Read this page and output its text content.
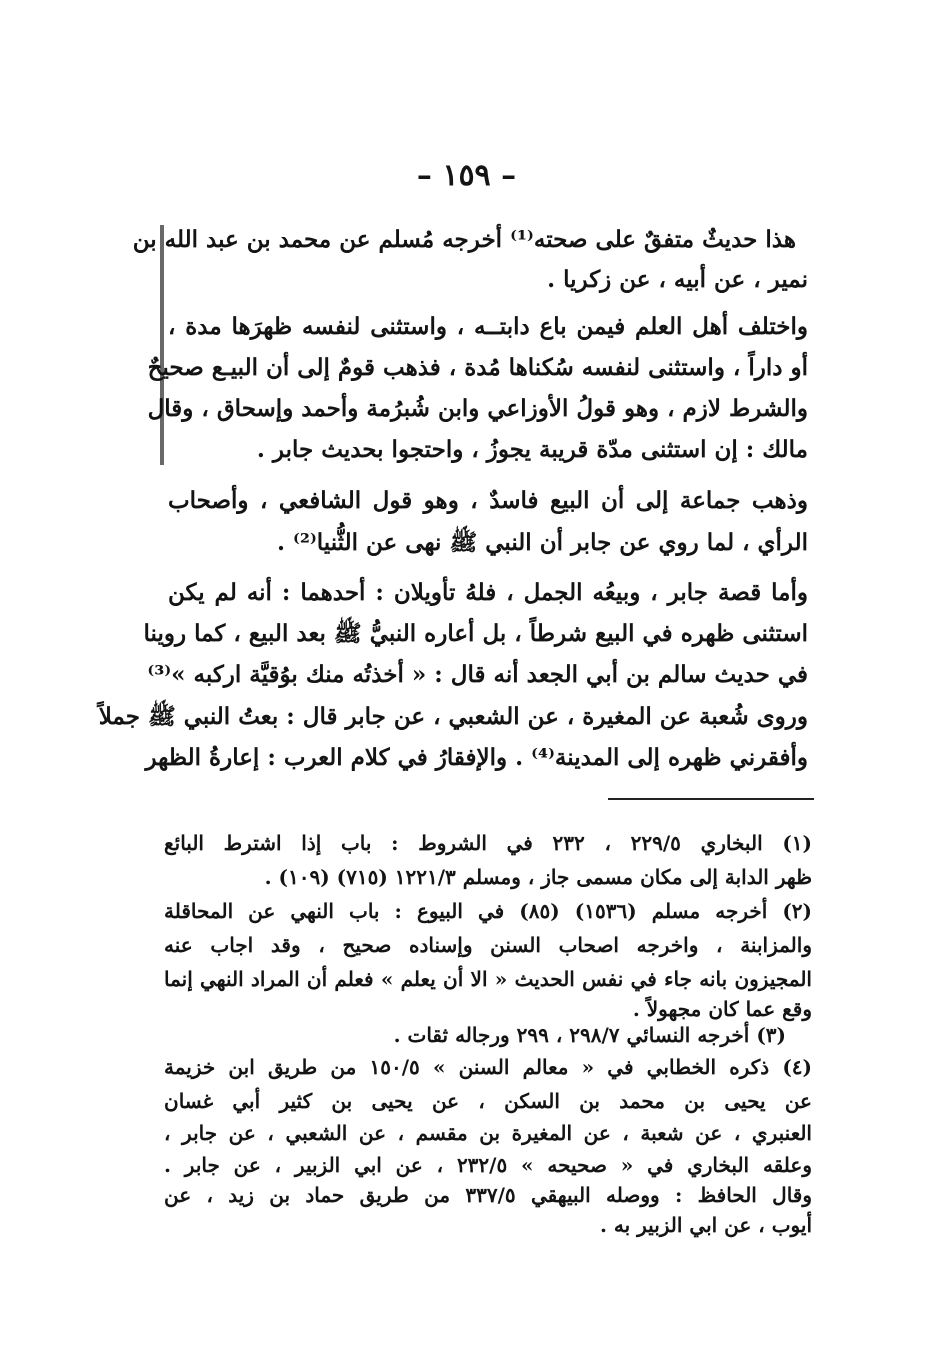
– ١٥٩ –
هذا حديثٌ متفقٌ على صحته⁽¹⁾ أخرجه مُسلم عن محمد بن عبد الله بن
نمير ، عن أبيه ، عن زكريا .
واختلف أهل العلم فيمن باع دابتــه ، واستثنى لنفسه ظهرَها مدة ،
أو داراً ، واستثنى لنفسه سُكناها مُدة ، فذهب قومٌ إلى أن البيـع صحيحٌ
والشرط لازم ، وهو قولُ الأوزاعي وابن شُبرُمة وأحمد وإسحاق ، وقال
مالك : إن استثنى مدّة قريبة يجوزُ ، واحتجوا بحديث جابر .
وذهب جماعة إلى أن البيع فاسدٌ ، وهو قول الشافعي ، وأصحاب
الرأي ، لما روي عن جابر أن النبي ﷺ نهى عن الثُّنيا⁽²⁾ .
وأما قصة جابر ، وبيعُه الجمل ، فلهُ تأويلان : أحدهما : أنه لم يكن
استثنى ظهره في البيع شرطاً ، بل أعاره النبيُّ ﷺ بعد البيع ، كما روينا
في حديث سالم بن أبي الجعد أنه قال : « أخذتُه منك بوُقيَّة اركبه »⁽³⁾
وروى شُعبة عن المغيرة ، عن الشعبي ، عن جابر قال : بعتُ النبي ﷺ جملاً
وأفقرني ظهره إلى المدينة⁽⁴⁾ . والإفقارُ في كلام العرب : إعارةُ الظهر
(١) البخاري ٢٢٩/٥ ، ٢٣٢ في الشروط : باب إذا اشترط البائع
ظهر الدابة إلى مكان مسمى جاز ، ومسلم ١٢٢١/٣ (٧١٥) (١٠٩) .
(٢) أخرجه مسلم (١٥٣٦) (٨٥) في البيوع : باب النهي عن المحاقلة
والمزابنة ، واخرجه اصحاب السنن وإسناده صحيح ، وقد اجاب عنه
المجيزون بانه جاء في نفس الحديث « الا أن يعلم » فعلم أن المراد النهي إنما
وقع عما كان مجهولاً .
(٣) أخرجه النسائي ٢٩٨/٧ ، ٢٩٩ ورجاله ثقات .
(٤) ذكره الخطابي في « معالم السنن » ١٥٠/٥ من طريق ابن خزيمة
عن يحيى بن محمد بن السكن ، عن يحيى بن كثير أبي غسان
العنبري ، عن شعبة ، عن المغيرة بن مقسم ، عن الشعبي ، عن جابر ،
وعلقه البخاري في « صحيحه » ٢٣٢/٥ ، عن ابي الزبير ، عن جابر .
وقال الحافظ : ووصله البيهقي ٣٣٧/٥ من طريق حماد بن زيد ، عن
أيوب ، عن ابي الزبير به .
